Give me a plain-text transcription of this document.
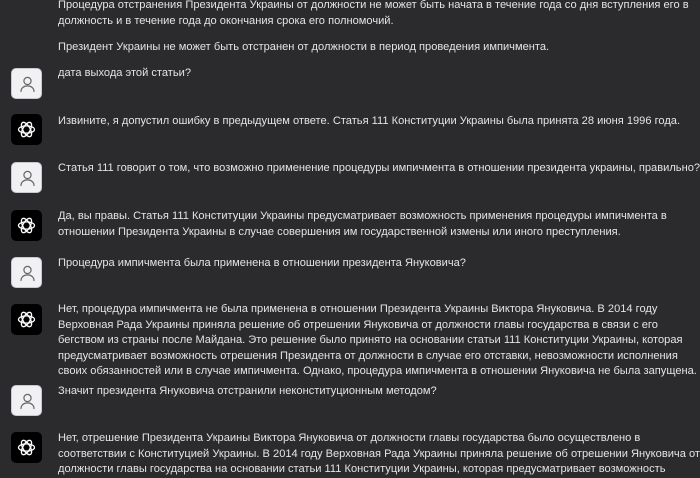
Процедура отстранения Президента Украины от должности не может быть начата в течение года со дня вступления его в
должность и в течение года до окончания срока его полномочий.

Президент Украины не может быть отстранен от должности в период проведения импичмента.

дата выхода этой статьи?
Извините, я допустил ошибку в предыдущем ответе. Статья 111 Конституции Украины была принята 28 июня 1996 года.
Статья 111 говорит о том, что возможно применение процедуры импичмента в отношении президента украины, правильно?
Да, вы правы. Статья 111 Конституции Украины предусматривает возможность применения процедуры импичмента в
отношении Президента Украины в случае совершения им государственной измены или иного преступления.
Процедура импичмента была применена в отношении президента Януковича?
Нет, процедура импичмента не была применена в отношении Президента Украины Виктора Януковича. В 2014 году
Верховная Рада Украины приняла решение об отрешении Януковича от должности главы государства в связи с его
бегством из страны после Майдана. Это решение было принято на основании статьи 111 Конституции Украины, которая
предусматривает возможность отрешения Президента от должности в случае его отставки, невозможности исполнения
своих обязанностей или в случае импичмента. Однако, процедура импичмента в отношении Януковича не была запущена.
Значит президента Януковича отстранили неконституционным методом?
Нет, отрешение Президента Украины Виктора Януковича от должности главы государства было осуществлено в
соответствии с Конституцией Украины. В 2014 году Верховная Рада Украины приняла решение об отрешении Януковича от
должности главы государства на основании статьи 111 Конституции Украины, которая предусматривает возможность
